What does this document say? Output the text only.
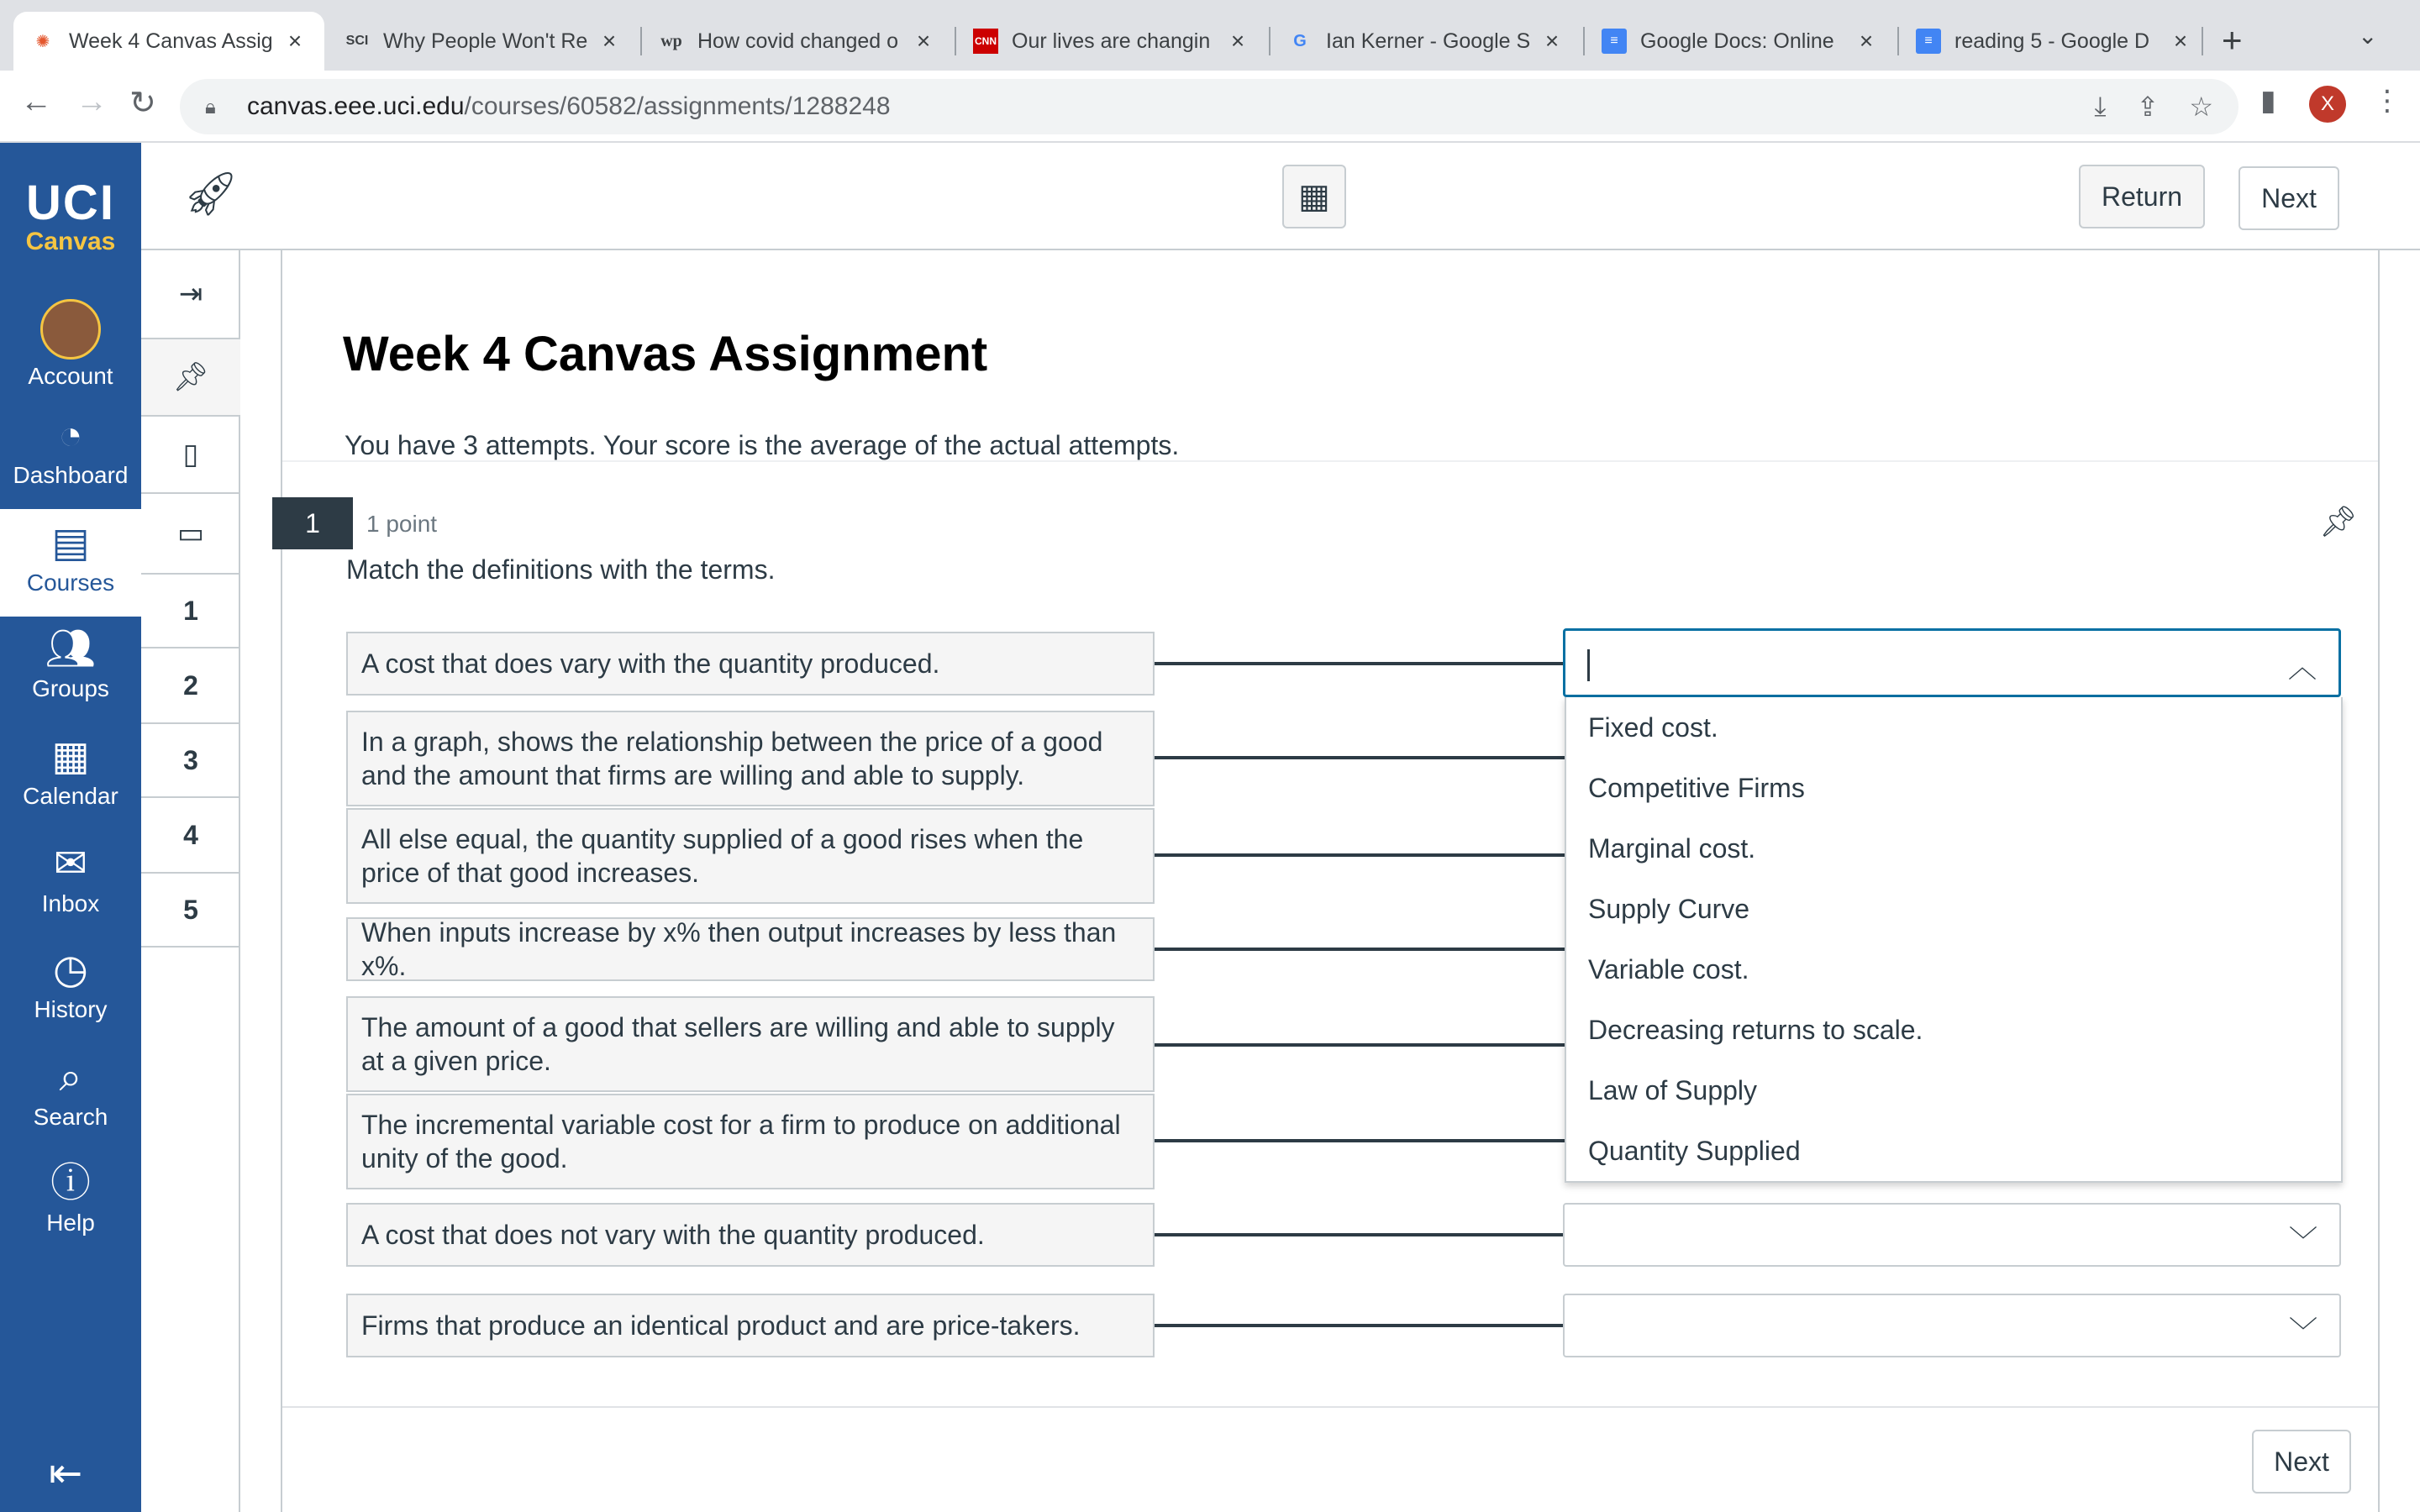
✺ Week 4 Canvas Assig ×	SCI Why People Won't Re ×	wp How covid changed o ×	CNN Our lives are changin ×	G Ian Kerner - Google S ×	≡	Google Docs: Online	×	≡	reading 5 - Google D	× +	⌄
← → ↻ 🔒︎	canvas.eee.uci.edu /courses/60582/assignments/1288248	⤓ ⇪ ☆ ▮	X	⋮
UCI
Canvas
Account
◔
Dashboard
▤
Courses
👥︎
Groups
▦
Calendar
✉︎
Inbox
◷
History
⌕
Search
ⓘ
Help
⇤
🚀︎	▦	Return	Next
⇥
📌︎
▯
▭
1
2
3
4
5
Week 4 Canvas Assignment

You have 3 attempts. Your score is the average of the actual attempts.

1	1 point	📌︎

Match the definitions with the terms.

A cost that does vary with the quantity produced.
In a graph, shows the relationship between the price of a good and the amount that firms are willing and able to supply.
All else equal, the quantity supplied of a good rises when the price of that good increases.
When inputs increase by x% then output increases by less than x%.
The amount of a good that sellers are willing and able to supply at a given price.
The incremental variable cost for a firm to produce on additional unity of the good.
A cost that does not vary with the quantity produced.
Firms that produce an identical product and are price-takers.
︿
﹀
﹀
Fixed cost.
Competitive Firms
Marginal cost.
Supply Curve
Variable cost.
Decreasing returns to scale.
Law of Supply
Quantity Supplied
Next
